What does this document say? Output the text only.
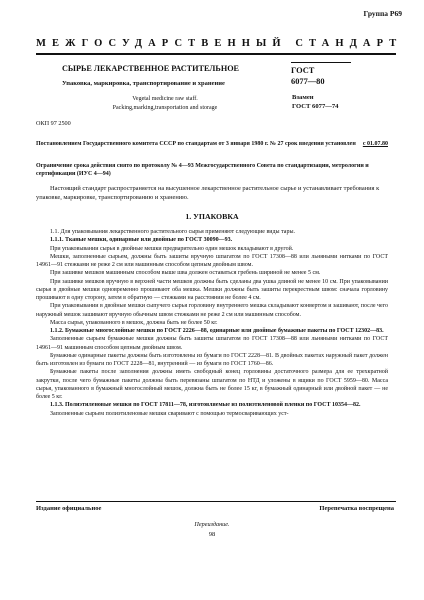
Группа Р69
МЕЖГОСУДАРСТВЕННЫЙ СТАНДАРТ
СЫРЬЕ ЛЕКАРСТВЕННОЕ РАСТИТЕЛЬНОЕ
Упаковка, маркировка, транспортирование и хранение
Vegetal medicine raw staff.
Packing,marking,transportation and storage
ГОСТ
6077—80
Взамен
ГОСТ 6077—74
ОКП 97 2500
Постановлением Государственного комитета СССР по стандартам от 3 января 1980 г. № 27 срок введения установлен с 01.07.80
Ограничение срока действия снято по протоколу № 4—93 Межгосударственного Совета по стандартизации, метрологии и сертификации (ИУС 4—94)
Настоящий стандарт распространяется на высушенное лекарственное растительное сырье и устанавливает требования к упаковке, маркировке, транспортированию и хранению.
1. УПАКОВКА

1.1. Для упаковывания лекарственного растительного сырья применяют следующие виды тары.

1.1.1. Тканые мешки, одинарные или двойные по ГОСТ 30090—93.

При упаковывании сырья в двойные мешки предварительно один мешок вкладывают в другой.

Мешки, заполненные сырьем, должны быть зашиты вручную шпагатом по ГОСТ 17308—88 или льняными нитками по ГОСТ 14961—91 стежками не реже 2 см или машинным способом цепным двойным швом.

При зашивке мешков машинным способом выше шва должен оставаться гребень шириной не менее 5 см.

При зашивке мешков вручную в верхней части мешков должны быть сделаны два ушка длиной не менее 10 см. При упаковывании сырья в двойные мешки одновременно прошивают оба мешка. Мешки должны быть зашиты перекрестным швом: сначала горловину прошивают в одну сторону, затем в обратную — стежками на расстоянии не более 4 см.

При упаковывании в двойные мешки сыпучего сырья горловину внутреннего мешка складывают конвертом и зашивают, после чего наружный мешок зашивают вручную обычным швом стежками не реже 2 см или машинным способом.

Масса сырья, упакованного в мешок, должна быть не более 50 кг.

1.1.2. Бумажные многослойные мешки по ГОСТ 2226—88, одинарные или двойные бумажные пакеты по ГОСТ 12302—83.

Заполненные сырьем бумажные мешки должны быть зашиты шпагатом по ГОСТ 17308—88 или льняными нитками по ГОСТ 14961—91 машинным способом цепным двойным швом.

Бумажные одинарные пакеты должны быть изготовлены из бумаги по ГОСТ 2228—81. В двойных пакетах наружный пакет должен быть изготовлен из бумаги по ГОСТ 2228—81, внутренний — из бумаги по ГОСТ 1760—86.

Бумажные пакеты после заполнения должны иметь свободный конец горловины достаточного размера для ее трехкратной закрутки, после чего бумажные пакеты должны быть перевязаны шпагатом по НТД и уложены в ящики по ГОСТ 5959—80. Масса сырья, упакованного в бумажный многослойный мешок, должна быть не более 15 кг, в бумажный одинарный или двойной пакет — не более 5 кг.

1.1.3. Полиэтиленовые мешки по ГОСТ 17811—78, изготовляемые из полиэтиленовой пленки по ГОСТ 10354—82.

Заполненные сырьем полиэтиленовые мешки сваривают с помощью термосваривающих уст-

Издание официальное	Перепечатка воспрещена
Переиздание.
98
